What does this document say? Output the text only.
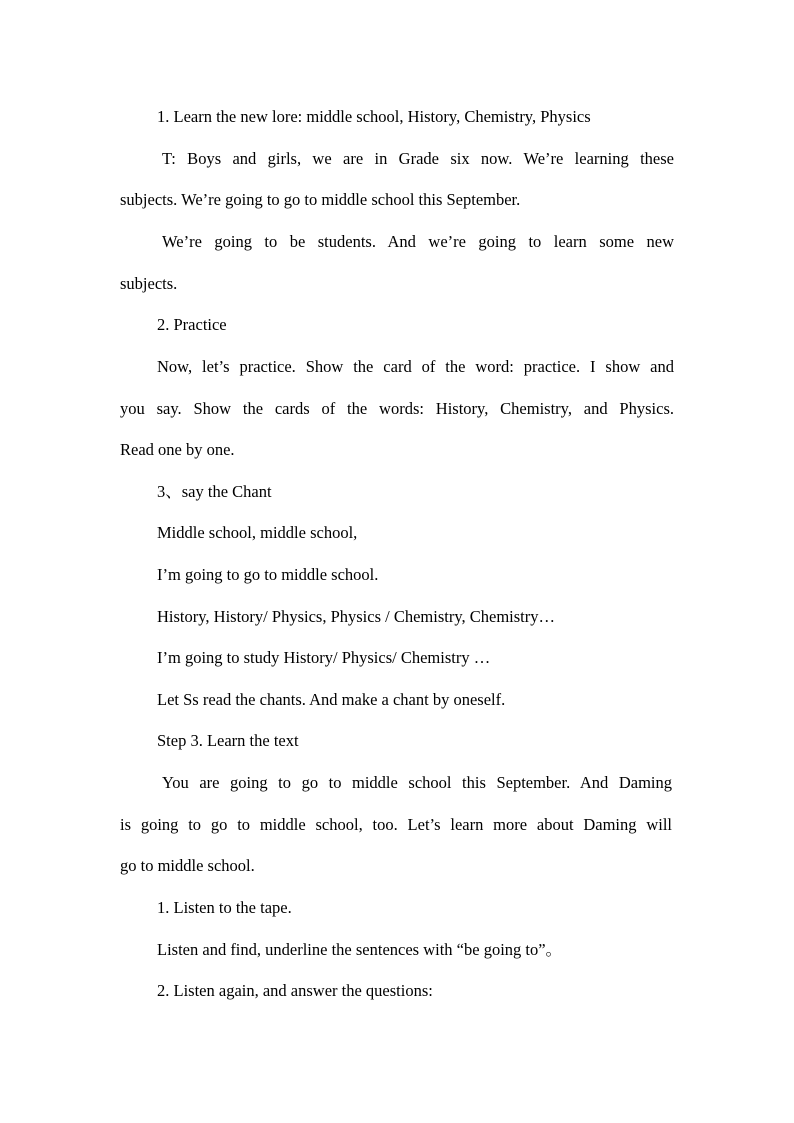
1. Learn the new lore: middle school, History, Chemistry, Physics
T: Boys and girls, we are in Grade six now. We’re learning these
subjects. We’re going to go to middle school this September.
We’re going to be students. And we’re going to learn some new
subjects.
2. Practice
Now, let’s practice. Show the card of the word: practice. I show and
you say. Show the cards of the words: History, Chemistry, and Physics.
Read one by one.
3、say the Chant
Middle school, middle school,
I’m going to go to middle school.
History, History/ Physics, Physics / Chemistry, Chemistry…
I’m going to study History/ Physics/ Chemistry …
Let Ss read the chants. And make a chant by oneself.
Step 3. Learn the text
You are going to go to middle school this September. And Daming
is going to go to middle school, too. Let’s learn more about Daming will
go to middle school.
1. Listen to the tape.
Listen and find, underline the sentences with “be going to”。
2. Listen again, and answer the questions:
